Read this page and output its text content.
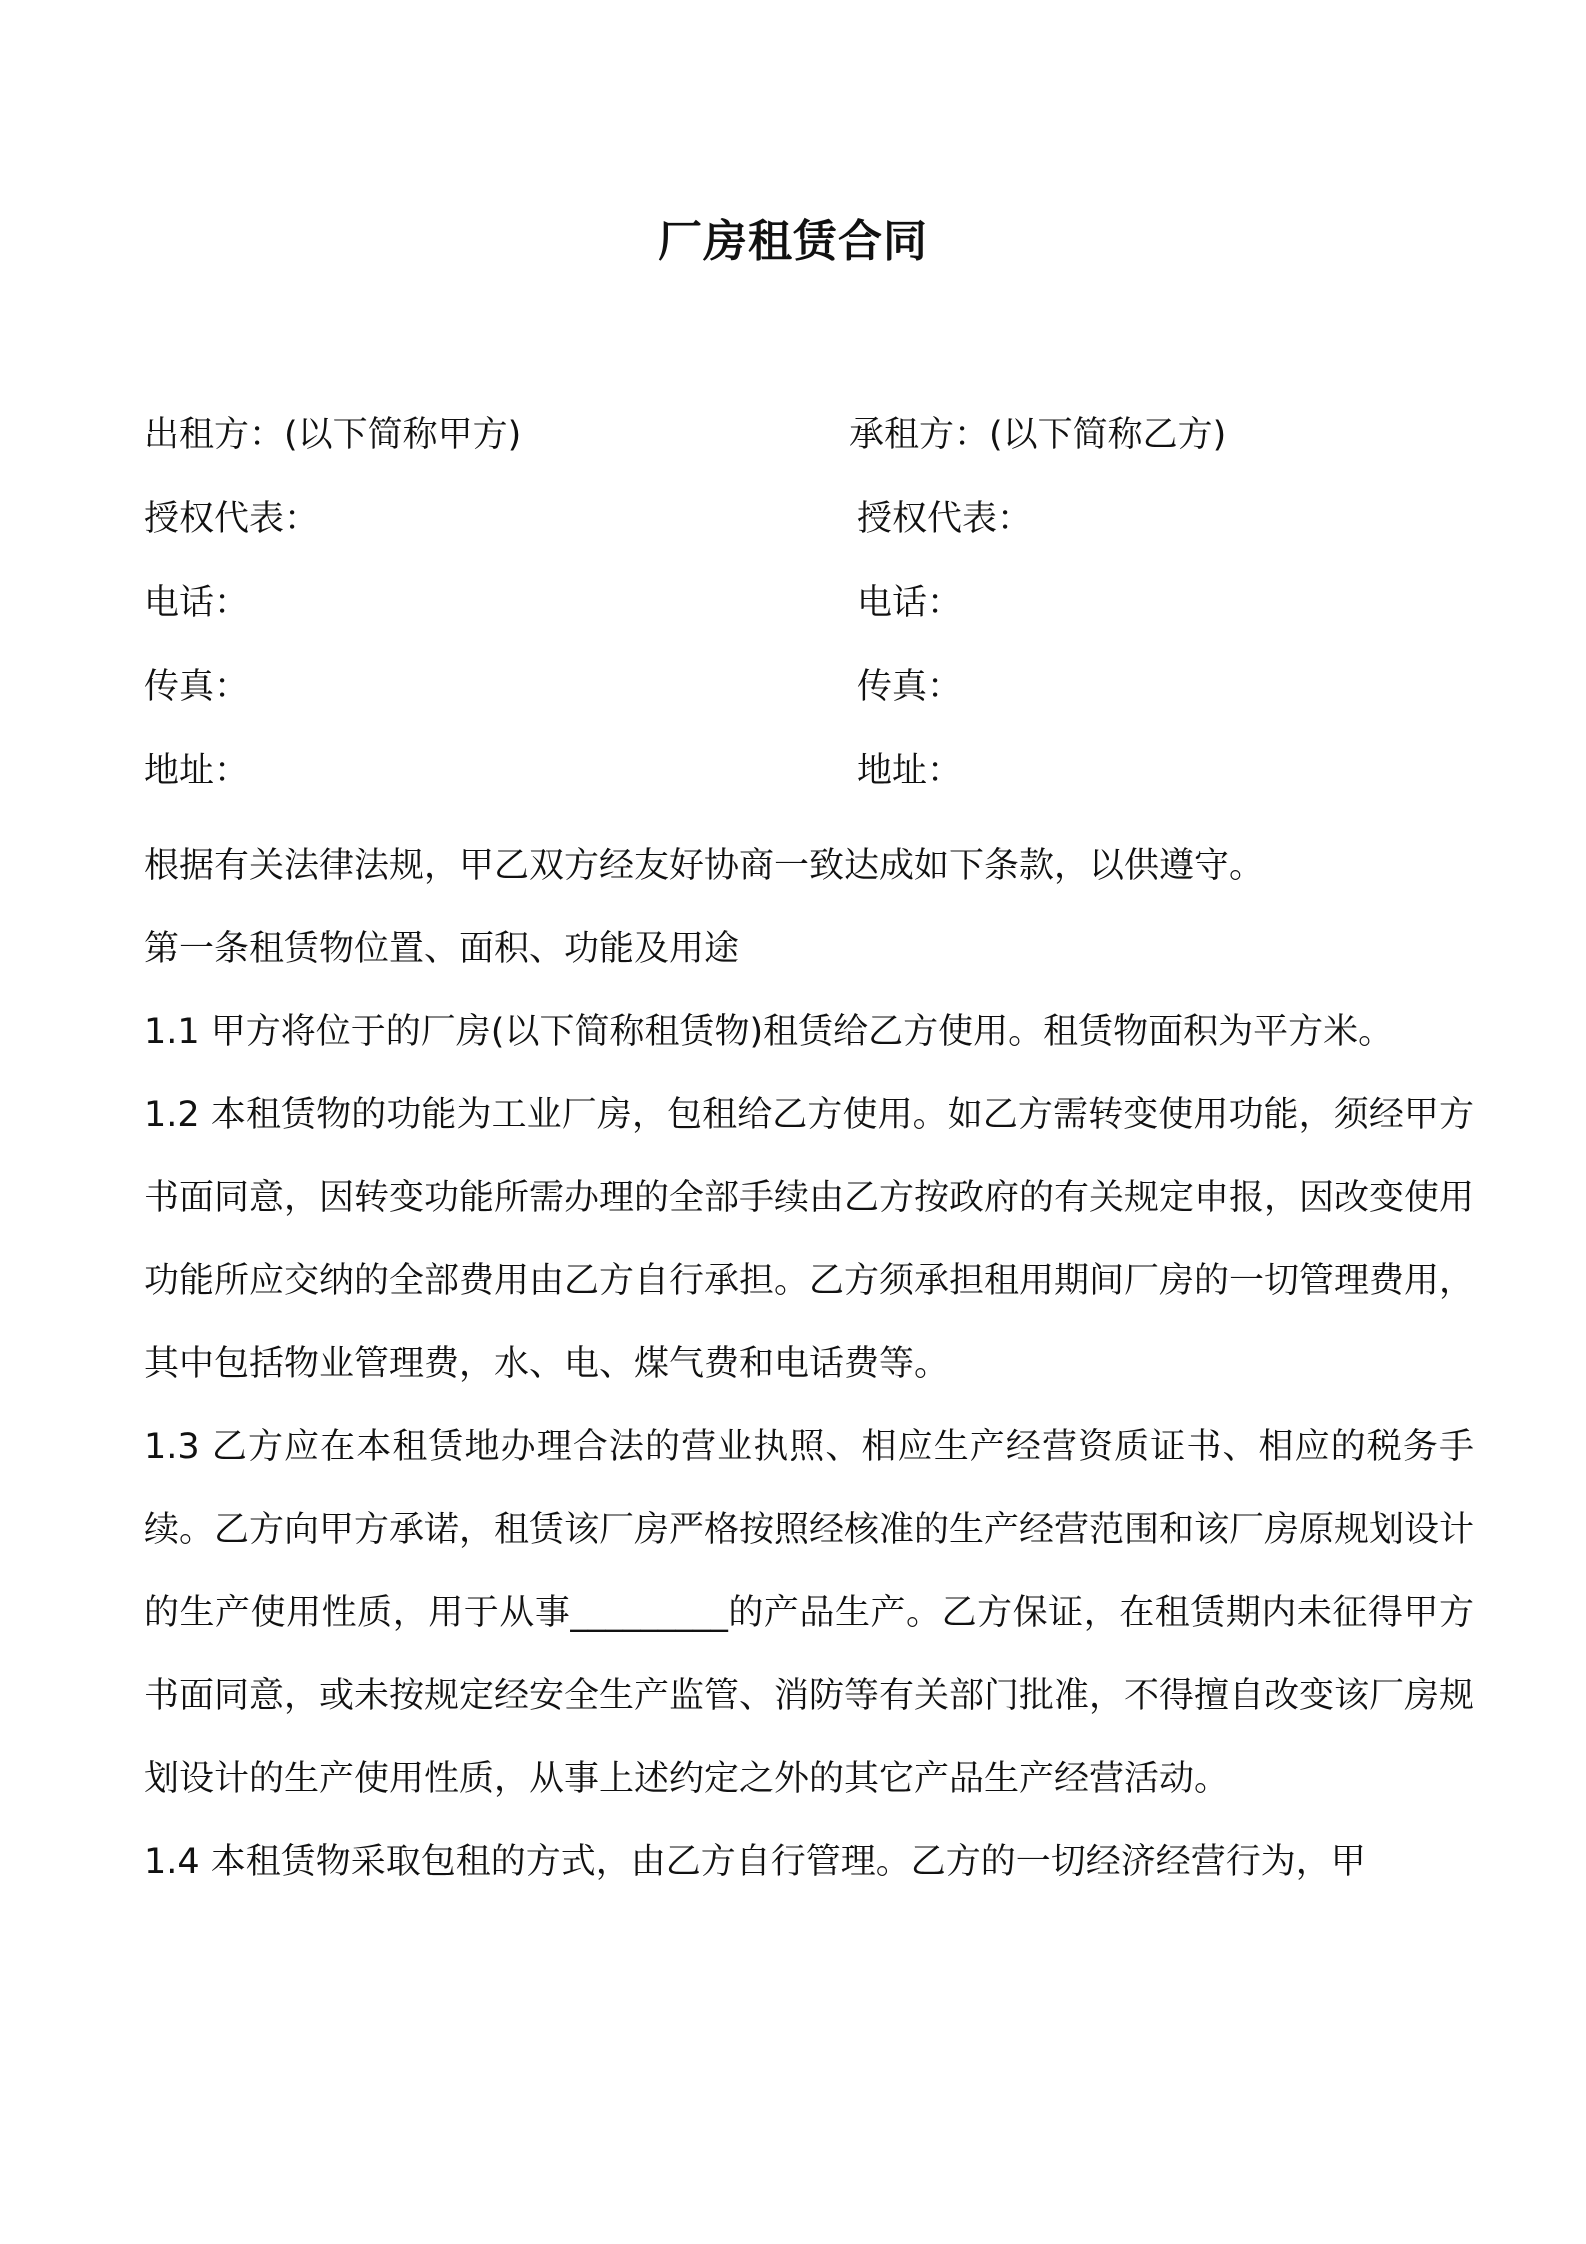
厂房租赁合同
出租方：(以下简称甲方)	承租方：(以下简称乙方)
授权代表：	授权代表：
电话：	电话：
传真：	传真：
地址：	地址：

根据有关法律法规，甲乙双方经友好协商一致达成如下条款，以供遵守。

第一条租赁物位置、面积、功能及用途

1.1 甲方将位于的厂房(以下简称租赁物)租赁给乙方使用。租赁物面积为平方米。

1.2 本租赁物的功能为工业厂房，包租给乙方使用。如乙方需转变使用功能，须经甲方书面同意，因转变功能所需办理的全部手续由乙方按政府的有关规定申报，因改变使用功能所应交纳的全部费用由乙方自行承担。乙方须承担租用期间厂房的一切管理费用，其中包括物业管理费，水、电、煤气费和电话费等。

1.3 乙方应在本租赁地办理合法的营业执照、相应生产经营资质证书、相应的税务手续。乙方向甲方承诺，租赁该厂房严格按照经核准的生产经营范围和该厂房原规划设计的生产使用性质，用于从事_________的产品生产。乙方保证，在租赁期内未征得甲方书面同意，或未按规定经安全生产监管、消防等有关部门批准，不得擅自改变该厂房规划设计的生产使用性质，从事上述约定之外的其它产品生产经营活动。

1.4 本租赁物采取包租的方式，由乙方自行管理。乙方的一切经济经营行为，甲
